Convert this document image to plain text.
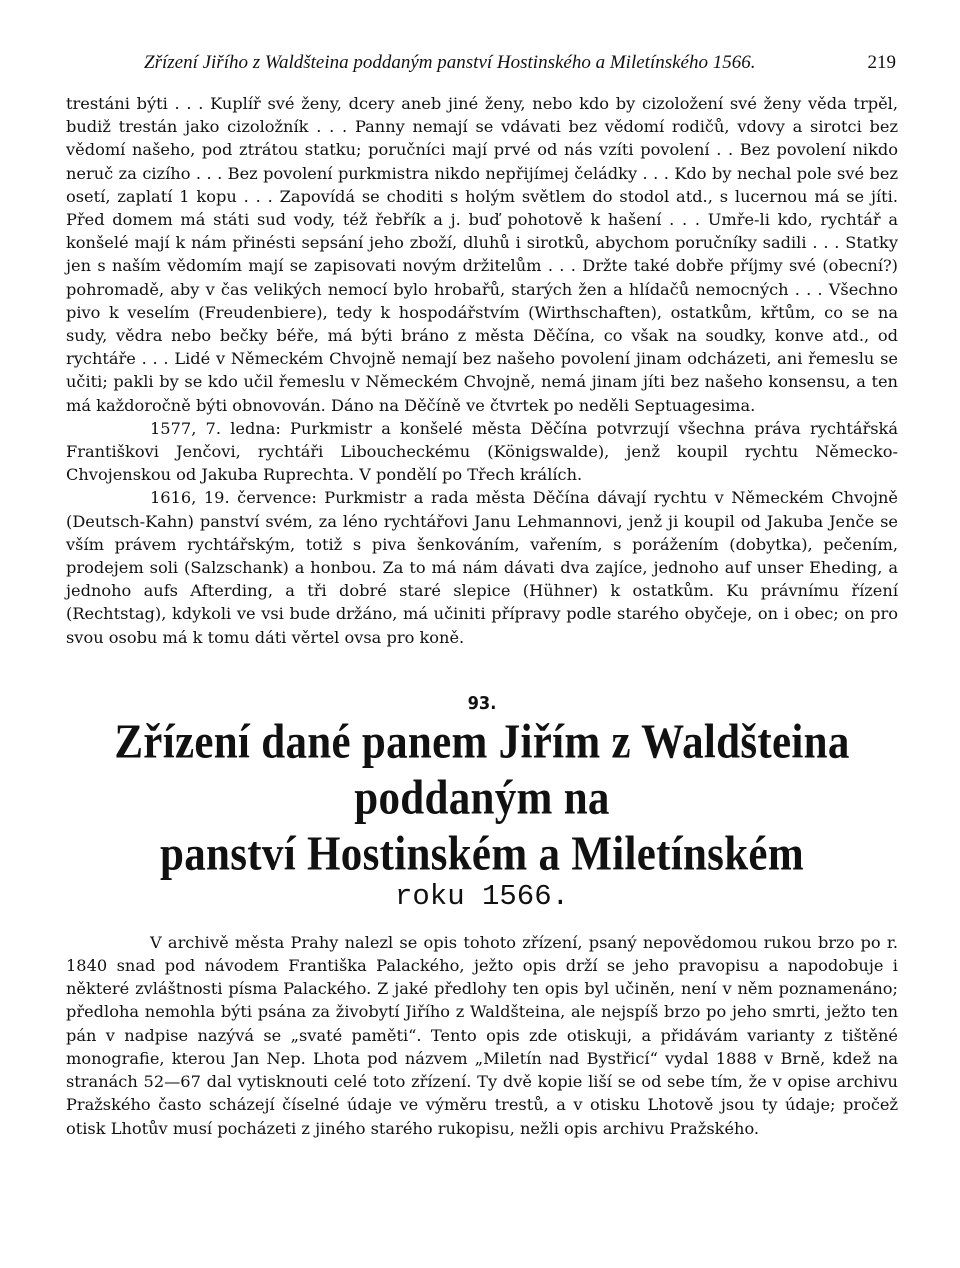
Zřízení Jiřího z Waldšteina poddaným panství Hostinského a Miletínského 1566.	219

trestáni býti . . . Kuplíř své ženy, dcery aneb jiné ženy, nebo kdo by cizoložení své ženy věda trpěl, budiž trestán jako cizoložník . . . Panny nemají se vdávati bez vědomí rodičů, vdovy a sirotci bez vědomí našeho, pod ztrátou statku; poručníci mají prvé od nás vzíti povolení . . Bez povolení nikdo neruč za cizího . . . Bez povolení purkmistra nikdo nepřijímej čeládky . . . Kdo by nechal pole své bez osetí, zaplatí 1 kopu . . . Zapovídá se choditi s holým světlem do stodol atd., s lucernou má se jíti. Před domem má státi sud vody, též řebřík a j. buď pohotově k hašení . . . Umře-li kdo, rychtář a konšelé mají k nám přinésti sepsání jeho zboží, dluhů i sirotků, abychom poručníky sadili . . . Statky jen s naším vědomím mají se zapisovati novým držitelům . . . Držte také dobře příjmy své (obecní?) pohromadě, aby v čas velikých nemocí bylo hrobařů, starých žen a hlídačů nemocných . . . Všechno pivo k veselím (Freudenbiere), tedy k hospodářstvím (Wirthschaften), ostatkům, křtům, co se na sudy, vědra nebo bečky béře, má býti bráno z města Děčína, co však na soudky, konve atd., od rychtáře . . . Lidé v Německém Chvojně nemají bez našeho povolení jinam odcházeti, ani řemeslu se učiti; pakli by se kdo učil řemeslu v Německém Chvojně, nemá jinam jíti bez našeho konsensu, a ten má každoročně býti obnovován. Dáno na Děčíně ve čtvrtek po neděli Septuagesima.

1577, 7. ledna: Purkmistr a konšelé města Děčína potvrzují všechna práva rychtářská Františkovi Jenčovi, rychtáři Liboucheckému (Königswalde), jenž koupil rychtu Německo-Chvojenskou od Jakuba Ruprechta. V pondělí po Třech králích.

1616, 19. července: Purkmistr a rada města Děčína dávají rychtu v Německém Chvojně (Deutsch-Kahn) panství svém, za léno rychtářovi Janu Lehmannovi, jenž ji koupil od Jakuba Jenče se vším právem rychtářským, totiž s piva šenkováním, vařením, s porážením (dobytka), pečením, prodejem soli (Salzschank) a honbou. Za to má nám dávati dva zajíce, jednoho auf unser Eheding, a jednoho aufs Afterding, a tři dobré staré slepice (Hühner) k ostatkům. Ku právnímu řízení (Rechtstag), kdykoli ve vsi bude držáno, má učiniti přípravy podle starého obyčeje, on i obec; on pro svou osobu má k tomu dáti věrtel ovsa pro koně.

93.
Zřízení dané panem Jiřím z Waldšteina poddaným na
panství Hostinském a Miletínském
roku 1566.

V archivě města Prahy nalezl se opis tohoto zřízení, psaný nepovědomou rukou brzo po r. 1840 snad pod návodem Františka Palackého, ježto opis drží se jeho pravopisu a napodobuje i některé zvláštnosti písma Palackého. Z jaké předlohy ten opis byl učiněn, není v něm poznamenáno; předloha nemohla býti psána za živobytí Jiřího z Waldšteina, ale nejspíš brzo po jeho smrti, ježto ten pán v nadpise nazývá se „svaté paměti“. Tento opis zde otiskuji, a přidávám varianty z tištěné monografie, kterou Jan Nep. Lhota pod názvem „Miletín nad Bystřicí“ vydal 1888 v Brně, kdež na stranách 52—67 dal vytisknouti celé toto zřízení. Ty dvě kopie liší se od sebe tím, že v opise archivu Pražského často scházejí číselné údaje ve výměru trestů, a v otisku Lhotově jsou ty údaje; pročež otisk Lhotův musí pocházeti z jiného starého rukopisu, nežli opis archivu Pražského.
